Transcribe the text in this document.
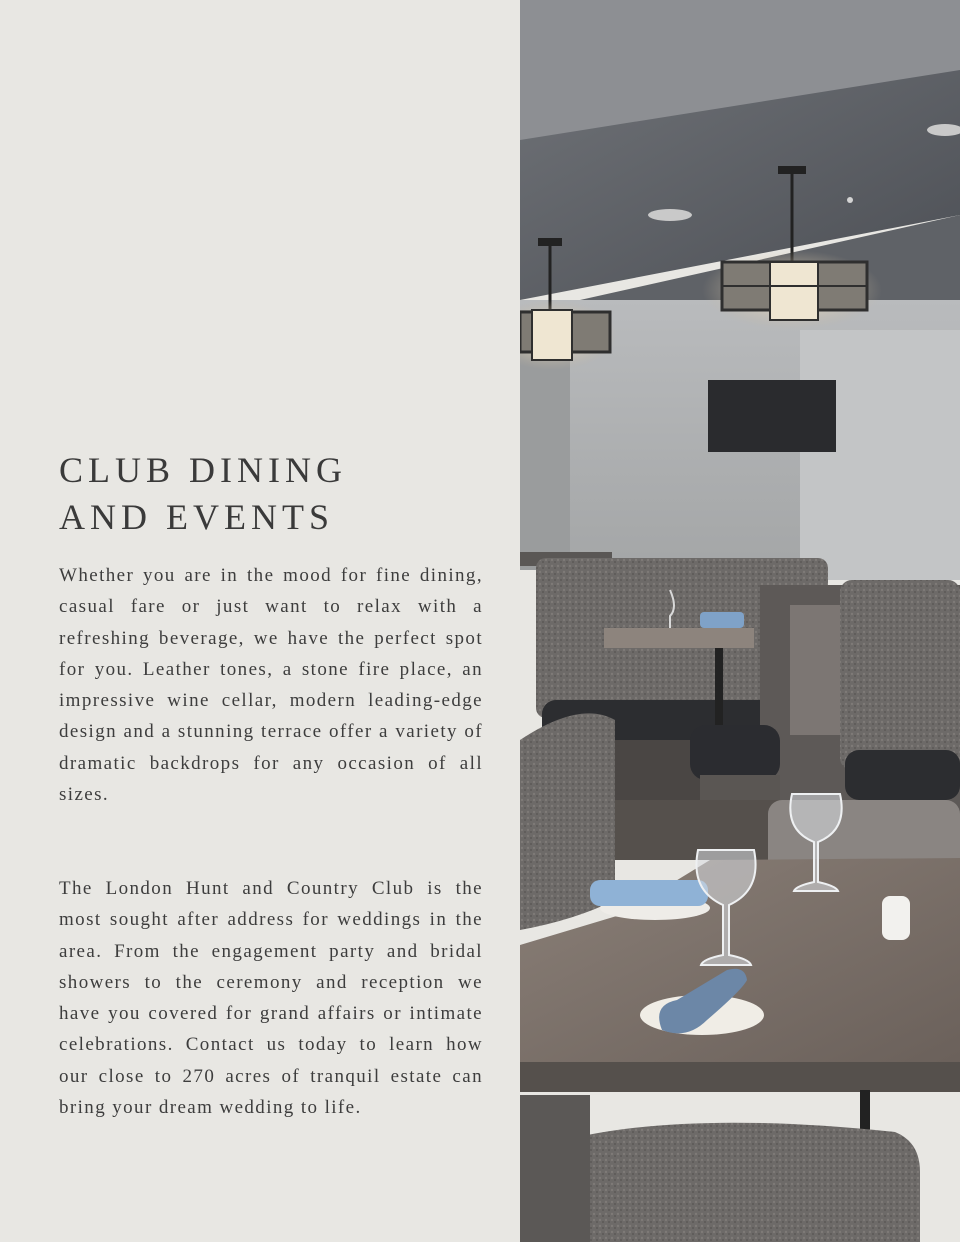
CLUB DINING
AND EVENTS

Whether you are in the mood for fine dining, casual fare or just want to relax with a refreshing beverage, we have the perfect spot for you. Leather tones, a stone fire place, an impressive wine cellar, modern leading-edge design and a stunning terrace offer a variety of dramatic backdrops for any occasion of all sizes.

The London Hunt and Country Club is the most sought after address for weddings in the area. From the engagement party and bridal showers to the ceremony and reception we have you covered for grand affairs or intimate celebrations. Contact us today to learn how our close to 270 acres of tranquil estate can bring your dream wedding to life.
